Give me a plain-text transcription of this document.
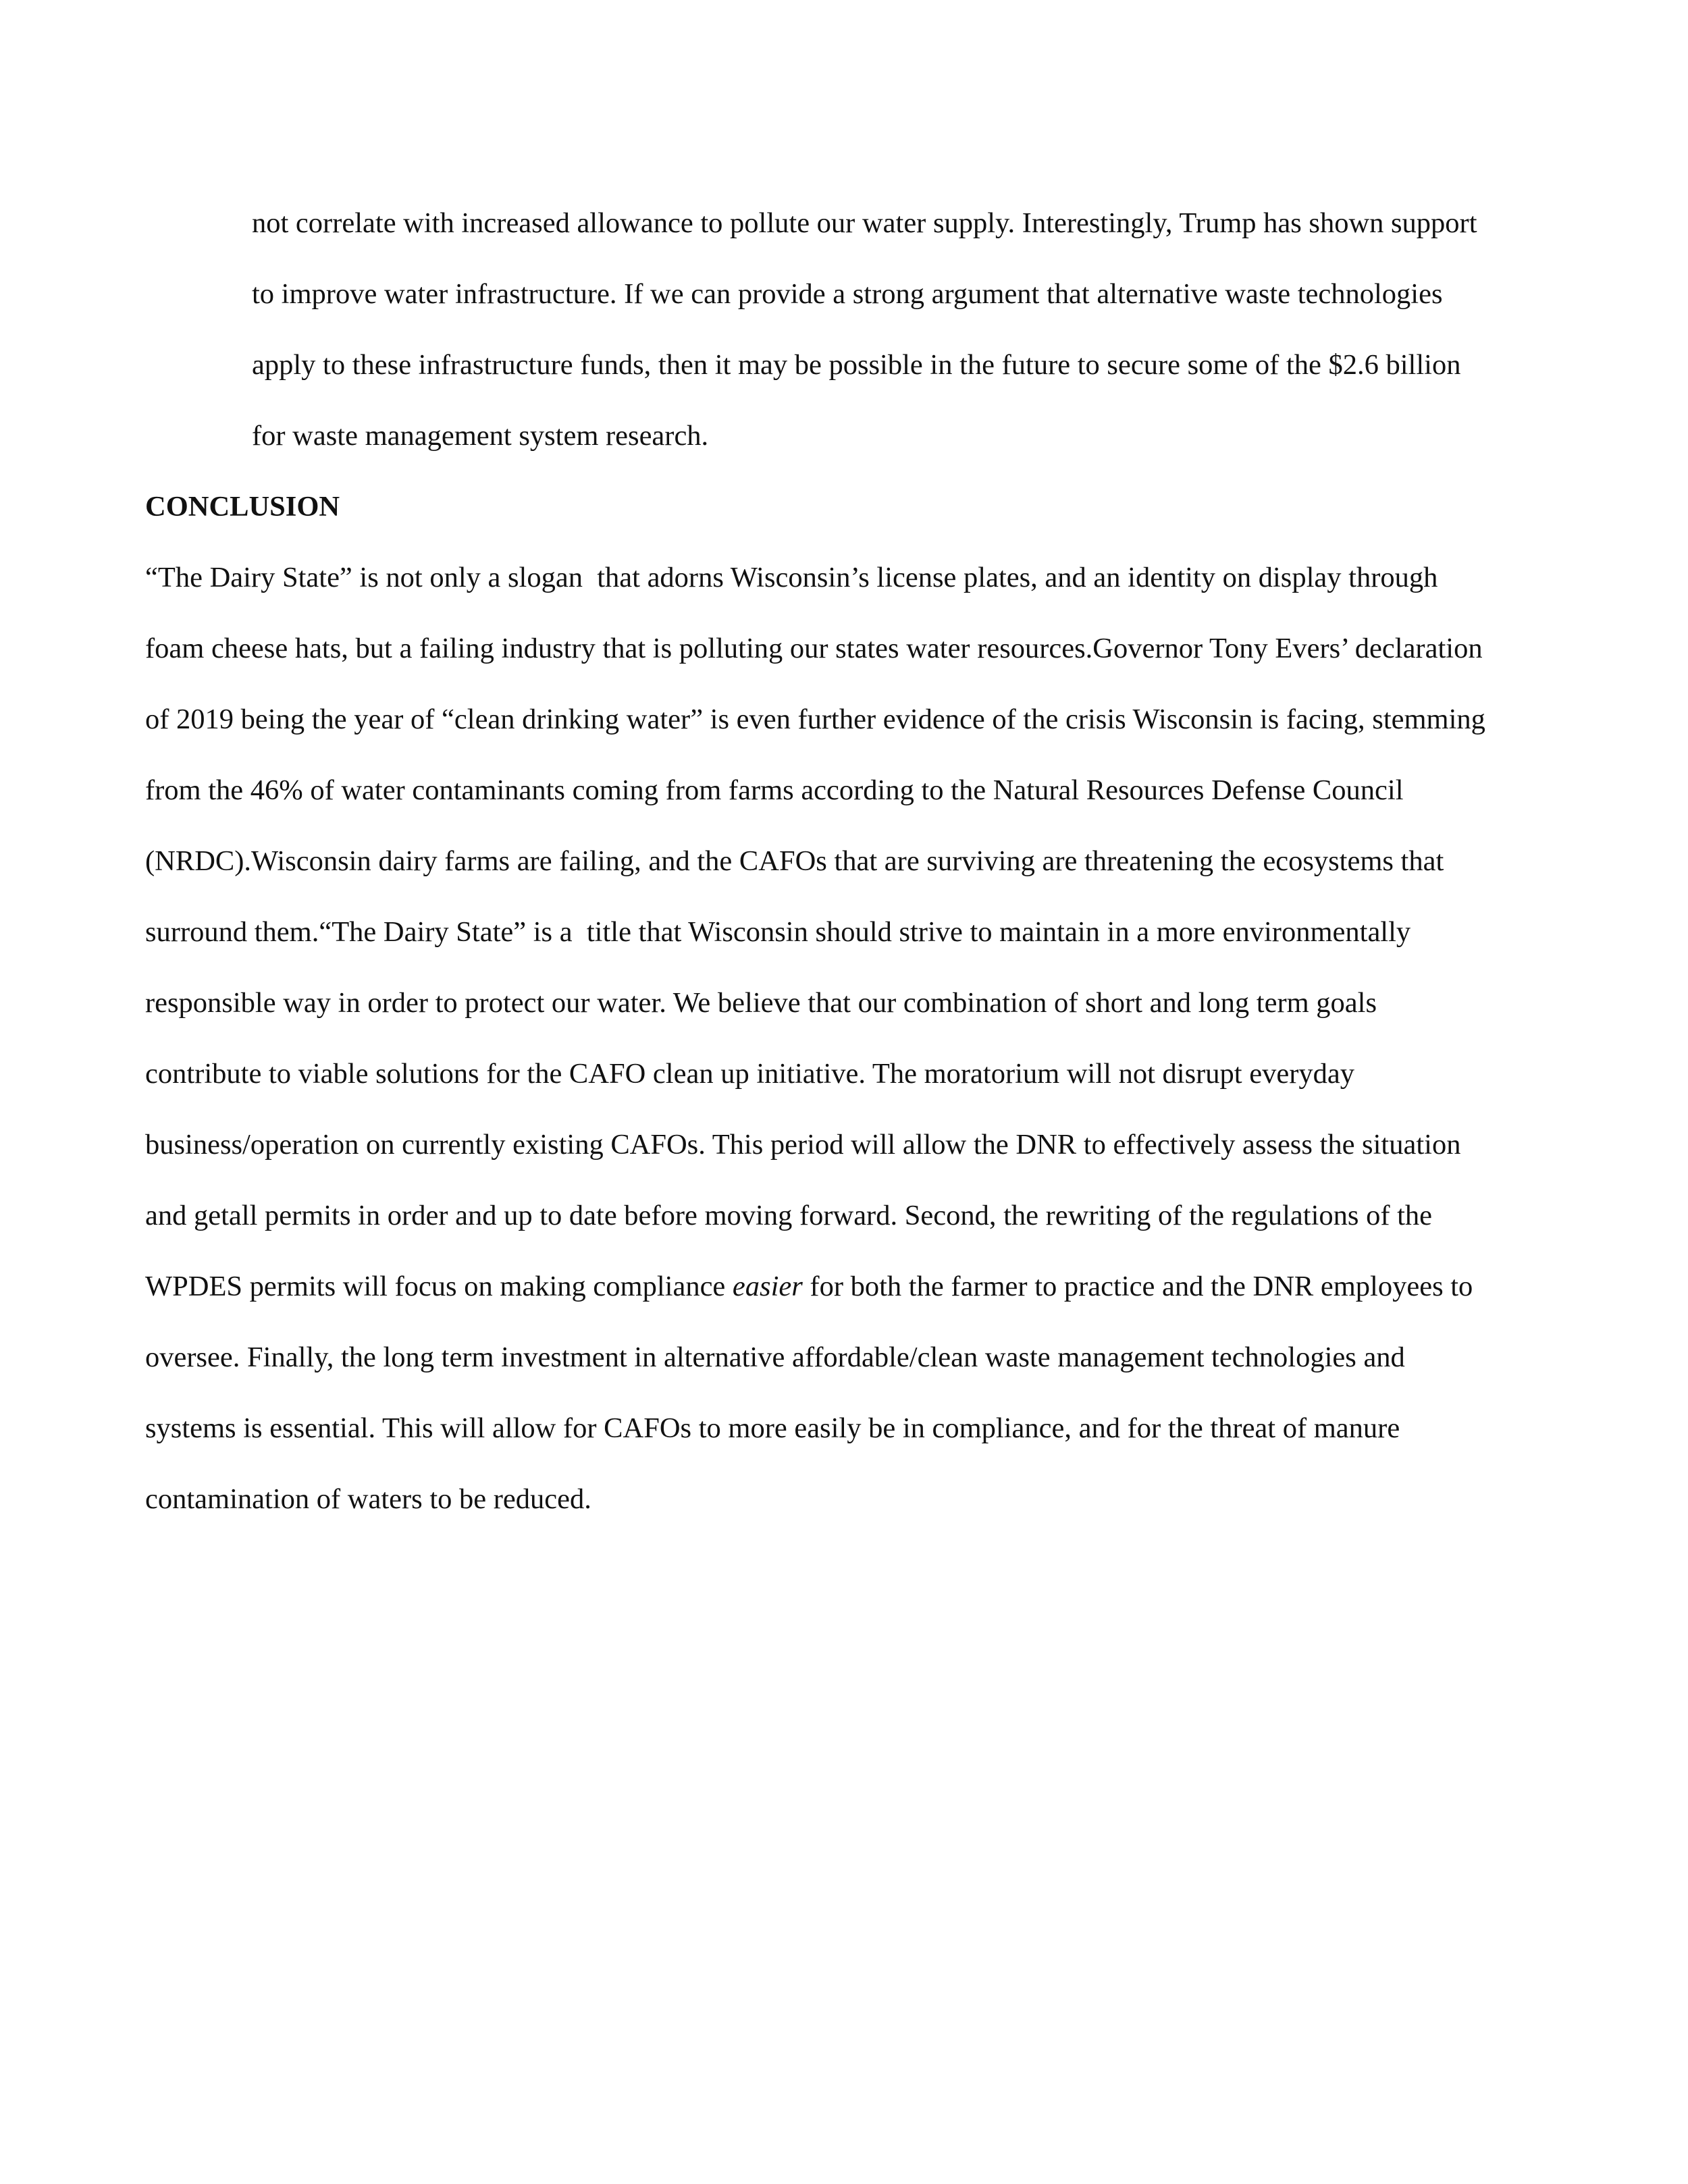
not correlate with increased allowance to pollute our water supply. Interestingly, Trump has shown support

to improve water infrastructure. If we can provide a strong argument that alternative waste technologies

apply to these infrastructure funds, then it may be possible in the future to secure some of the $2.6 billion

for waste management system research.

CONCLUSION

“The Dairy State” is not only a slogan  that adorns Wisconsin’s license plates, and an identity on display through

foam cheese hats, but a failing industry that is polluting our states water resources.Governor Tony Evers’ declaration

of 2019 being the year of “clean drinking water” is even further evidence of the crisis Wisconsin is facing, stemming

from the 46% of water contaminants coming from farms according to the Natural Resources Defense Council

(NRDC).Wisconsin dairy farms are failing, and the CAFOs that are surviving are threatening the ecosystems that

surround them.“The Dairy State” is a  title that Wisconsin should strive to maintain in a more environmentally

responsible way in order to protect our water. We believe that our combination of short and long term goals

contribute to viable solutions for the CAFO clean up initiative. The moratorium will not disrupt everyday

business/operation on currently existing CAFOs. This period will allow the DNR to effectively assess the situation

and getall permits in order and up to date before moving forward. Second, the rewriting of the regulations of the

WPDES permits will focus on making compliance easier for both the farmer to practice and the DNR employees to

oversee. Finally, the long term investment in alternative affordable/clean waste management technologies and

systems is essential. This will allow for CAFOs to more easily be in compliance, and for the threat of manure

contamination of waters to be reduced.
